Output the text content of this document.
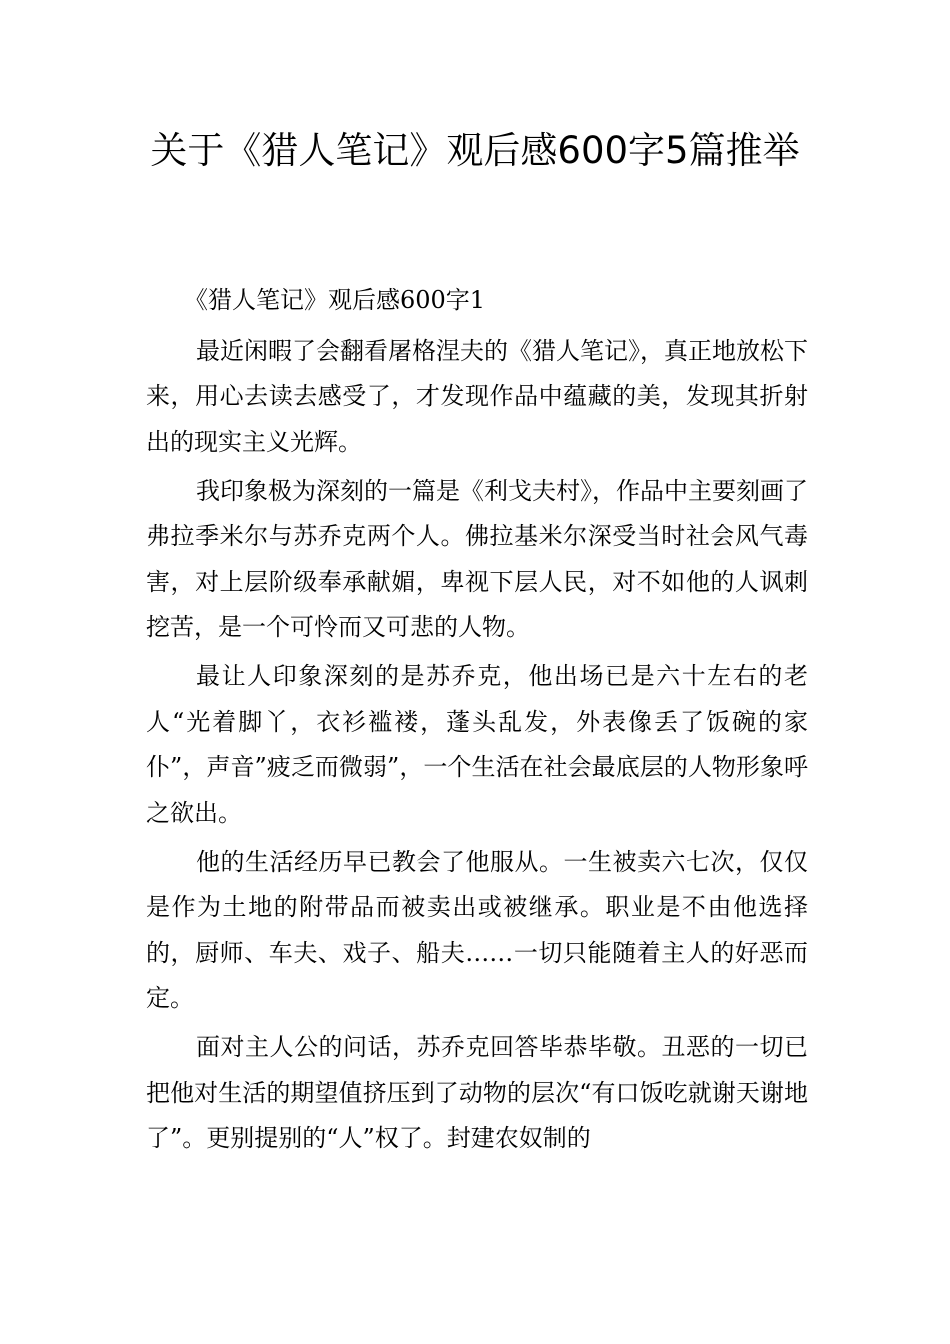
关于《猎人笔记》观后感600字5篇推举

《猎人笔记》观后感600字1

最近闲暇了会翻看屠格涅夫的《猎人笔记》，真正地放松下来，用心去读去感受了，才发现作品中蕴藏的美，发现其折射出的现实主义光辉。

我印象极为深刻的一篇是《利戈夫村》，作品中主要刻画了弗拉季米尔与苏乔克两个人。佛拉基米尔深受当时社会风气毒害，对上层阶级奉承献媚，卑视下层人民，对不如他的人讽刺挖苦，是一个可怜而又可悲的人物。

最让人印象深刻的是苏乔克，他出场已是六十左右的老人“光着脚丫，衣衫褴褛，蓬头乱发，外表像丢了饭碗的家仆”，声音”疲乏而微弱”，一个生活在社会最底层的人物形象呼之欲出。

他的生活经历早已教会了他服从。一生被卖六七次，仅仅是作为土地的附带品而被卖出或被继承。职业是不由他选择的，厨师、车夫、戏子、船夫……一切只能随着主人的好恶而定。

面对主人公的问话，苏乔克回答毕恭毕敬。丑恶的一切已把他对生活的期望值挤压到了动物的层次“有口饭吃就谢天谢地了”。更别提别的“人”权了。封建农奴制的
